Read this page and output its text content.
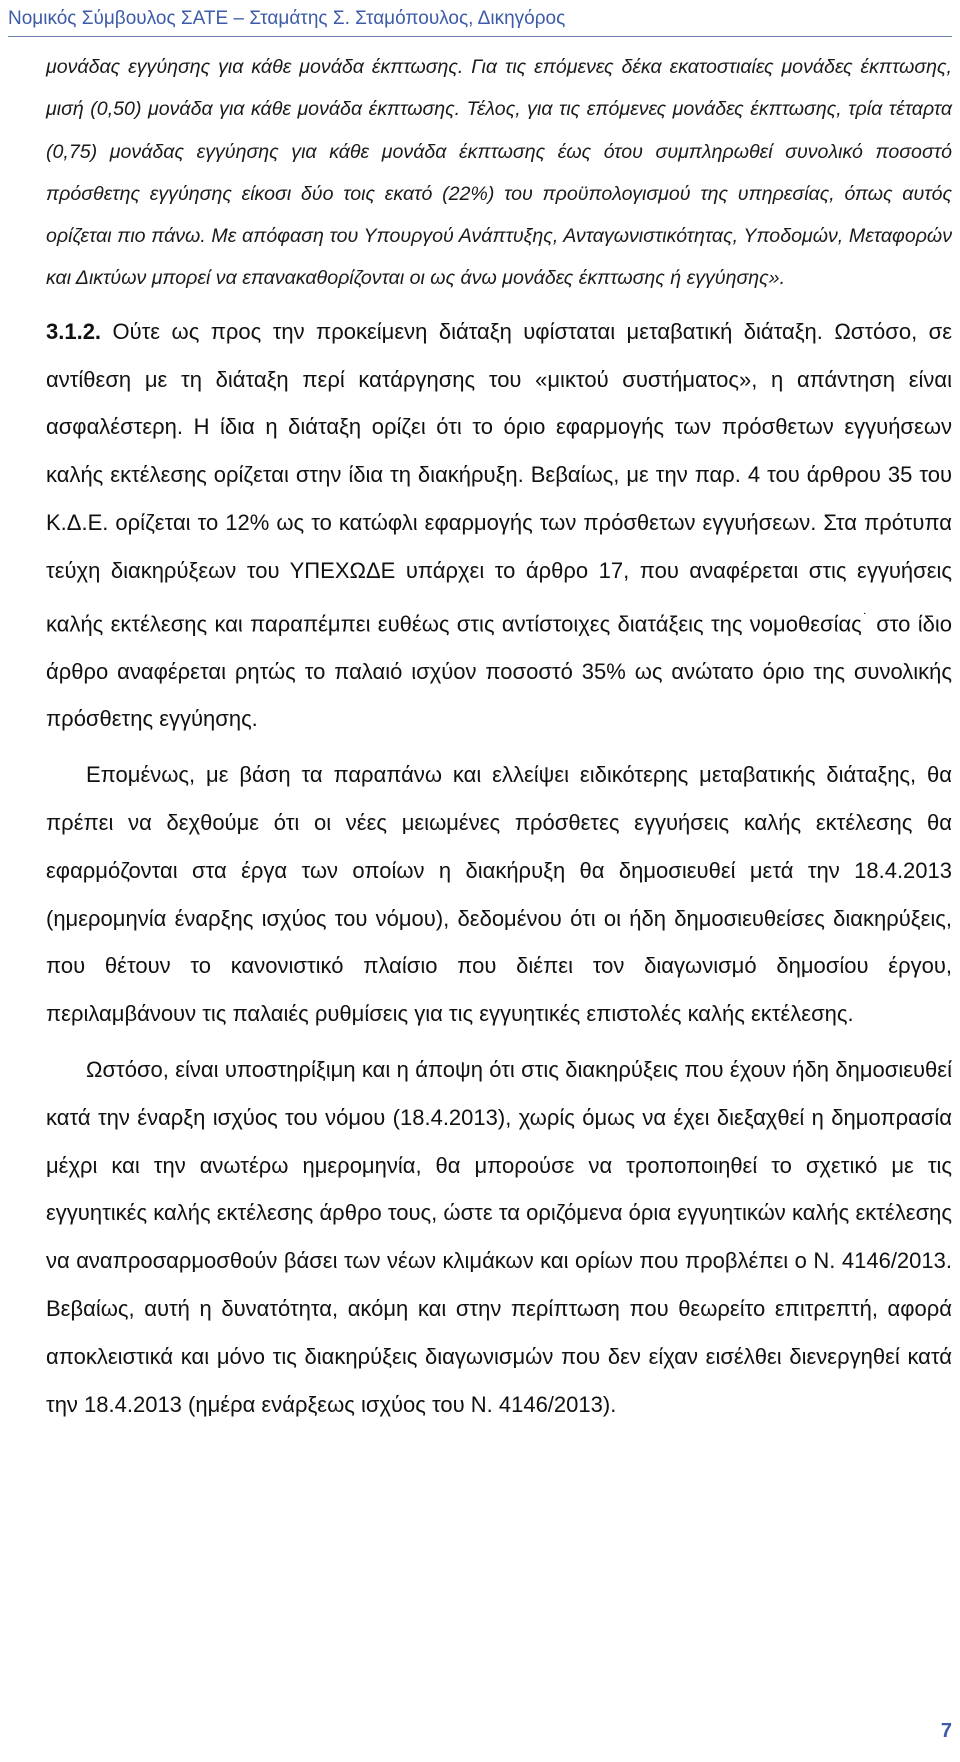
Νομικός Σύμβουλος ΣΑΤΕ – Σταμάτης Σ. Σταμόπουλος, Δικηγόρος

μονάδας εγγύησης για κάθε μονάδα έκπτωσης. Για τις επόμενες δέκα εκατοστιαίες μονάδες έκπτωσης, μισή (0,50) μονάδα για κάθε μονάδα έκπτωσης. Τέλος, για τις επόμενες μονάδες έκπτωσης, τρία τέταρτα (0,75) μονάδας εγγύησης για κάθε μονάδα έκπτωσης έως ότου συμπληρωθεί συνολικό ποσοστό πρόσθετης εγγύησης είκοσι δύο τοις εκατό (22%) του προϋπολογισμού της υπηρεσίας, όπως αυτός ορίζεται πιο πάνω. Με απόφαση του Υπουργού Ανάπτυξης, Ανταγωνιστικότητας, Υποδομών, Μεταφορών και Δικτύων μπορεί να επανακαθορίζονται οι ως άνω μονάδες έκπτωσης ή εγγύησης».

3.1.2. Ούτε ως προς την προκείμενη διάταξη υφίσταται μεταβατική διάταξη. Ωστόσο, σε αντίθεση με τη διάταξη περί κατάργησης του «μικτού συστήματος», η απάντηση είναι ασφαλέστερη. Η ίδια η διάταξη ορίζει ότι το όριο εφαρμογής των πρόσθετων εγγυήσεων καλής εκτέλεσης ορίζεται στην ίδια τη διακήρυξη. Βεβαίως, με την παρ. 4 του άρθρου 35 του Κ.Δ.Ε. ορίζεται το 12% ως το κατώφλι εφαρμογής των πρόσθετων εγγυήσεων. Στα πρότυπα τεύχη διακηρύξεων του ΥΠΕΧΩΔΕ υπάρχει το άρθρο 17, που αναφέρεται στις εγγυήσεις καλής εκτέλεσης και παραπέμπει ευθέως στις αντίστοιχες διατάξεις της νομοθεσίας˙ στο ίδιο άρθρο αναφέρεται ρητώς το παλαιό ισχύον ποσοστό 35% ως ανώτατο όριο της συνολικής πρόσθετης εγγύησης.

Επομένως, με βάση τα παραπάνω και ελλείψει ειδικότερης μεταβατικής διάταξης, θα πρέπει να δεχθούμε ότι οι νέες μειωμένες πρόσθετες εγγυήσεις καλής εκτέλεσης θα εφαρμόζονται στα έργα των οποίων η διακήρυξη θα δημοσιευθεί μετά την 18.4.2013 (ημερομηνία έναρξης ισχύος του νόμου), δεδομένου ότι οι ήδη δημοσιευθείσες διακηρύξεις, που θέτουν το κανονιστικό πλαίσιο που διέπει τον διαγωνισμό δημοσίου έργου, περιλαμβάνουν τις παλαιές ρυθμίσεις για τις εγγυητικές επιστολές καλής εκτέλεσης.

Ωστόσο, είναι υποστηρίξιμη και η άποψη ότι στις διακηρύξεις που έχουν ήδη δημοσιευθεί κατά την έναρξη ισχύος του νόμου (18.4.2013), χωρίς όμως να έχει διεξαχθεί η δημοπρασία μέχρι και την ανωτέρω ημερομηνία, θα μπορούσε να τροποποιηθεί το σχετικό με τις εγγυητικές καλής εκτέλεσης άρθρο τους, ώστε τα οριζόμενα όρια εγγυητικών καλής εκτέλεσης να αναπροσαρμοσθούν βάσει των νέων κλιμάκων και ορίων που προβλέπει ο Ν. 4146/2013. Βεβαίως, αυτή η δυνατότητα, ακόμη και στην περίπτωση που θεωρείτο επιτρεπτή, αφορά αποκλειστικά και μόνο τις διακηρύξεις διαγωνισμών που δεν είχαν εισέλθει διενεργηθεί κατά την 18.4.2013 (ημέρα ενάρξεως ισχύος του Ν. 4146/2013).

7
